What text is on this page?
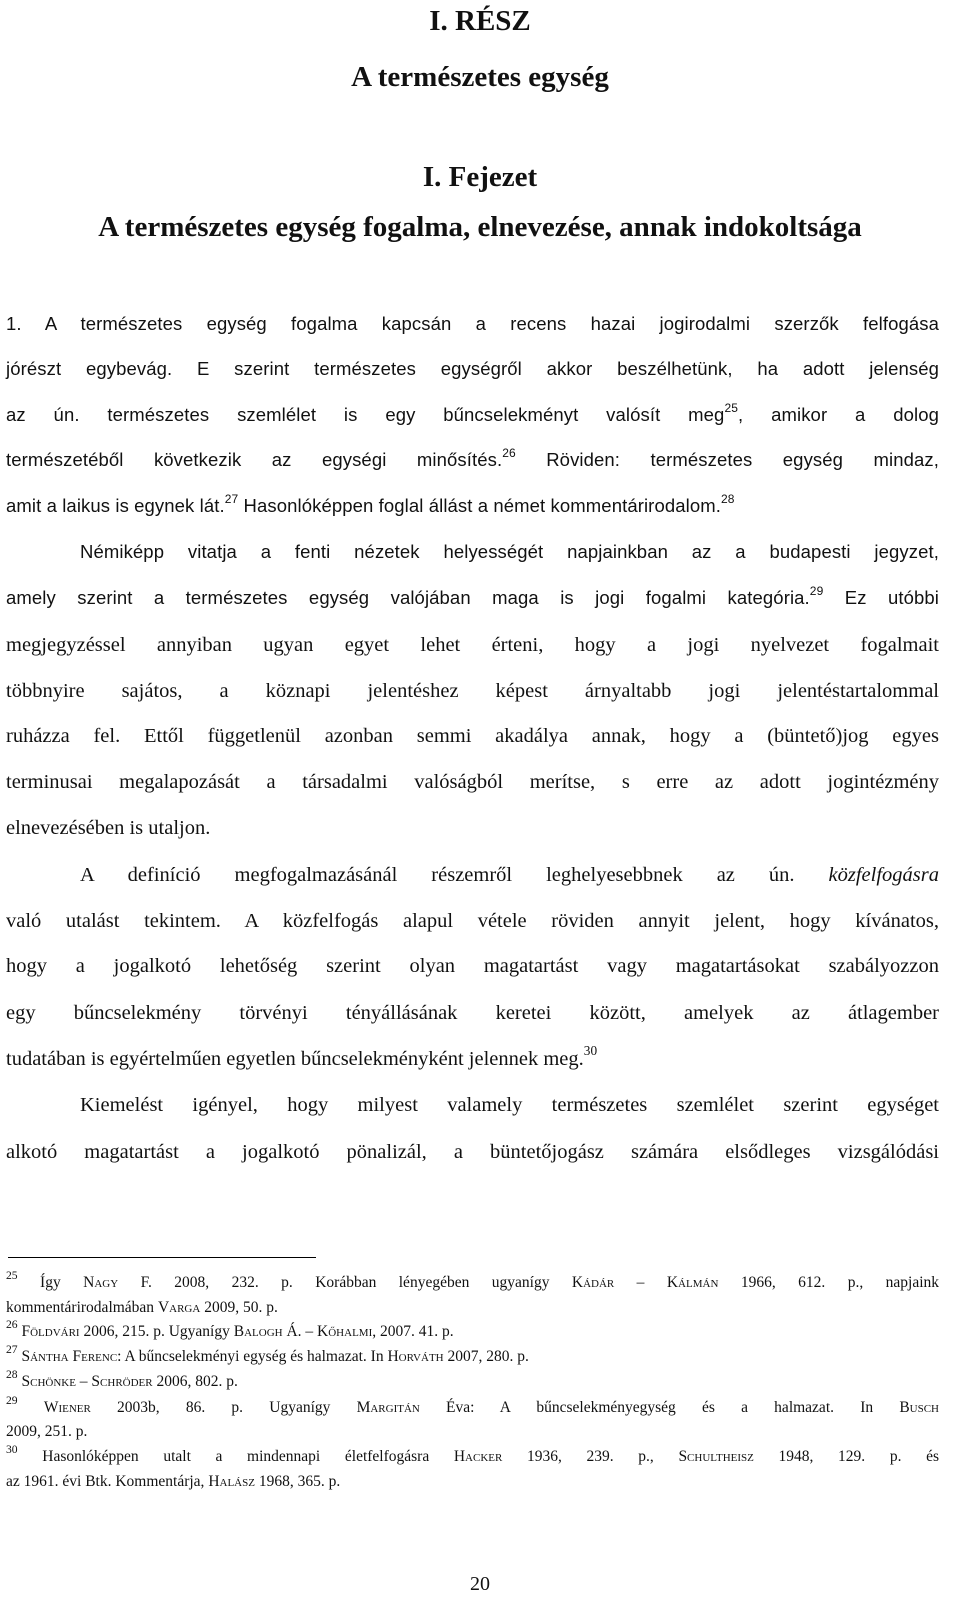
I. RÉSZ
A természetes egység
I. Fejezet
A természetes egység fogalma, elnevezése, annak indokoltsága
1. A természetes egység fogalma kapcsán a recens hazai jogirodalmi szerzők felfogása
jórészt egybevág. E szerint természetes egységről akkor beszélhetünk, ha adott jelenség
az ún. természetes szemlélet is egy bűncselekményt valósít meg$^{25}$, amikor a dolog
természetéből következik az egységi minősítés.$^{26}$ Röviden: természetes egység mindaz,
amit a laikus is egynek lát.$^{27}$ Hasonlóképpen foglal állást a német kommentárirodalom.$^{28}$
Némiképp vitatja a fenti nézetek helyességét napjainkban az a budapesti jegyzet,
amely szerint a természetes egység valójában maga is jogi fogalmi kategória.$^{29}$ Ez utóbbi
megjegyzéssel annyiban ugyan egyet lehet érteni, hogy a jogi nyelvezet fogalmait
többnyire sajátos, a köznapi jelentéshez képest árnyaltabb jogi jelentéstartalommal
ruházza fel. Ettől függetlenül azonban semmi akadálya annak, hogy a (büntető)jog egyes
terminusai megalapozását a társadalmi valóságból merítse, s erre az adott jogintézmény
elnevezésében is utaljon.
A definíció megfogalmazásánál részemről leghelyesebbnek az ún. közfelfogásra
való utalást tekintem. A közfelfogás alapul vétele röviden annyit jelent, hogy kívánatos,
hogy a jogalkotó lehetőség szerint olyan magatartást vagy magatartásokat szabályozzon
egy bűncselekmény törvényi tényállásának keretei között, amelyek az átlagember
tudatában is egyértelműen egyetlen bűncselekményként jelennek meg.$^{30}$
Kiemelést igényel, hogy milyest valamely természetes szemlélet szerint egységet
alkotó magatartást a jogalkotó pönalizál, a büntetőjogász számára elsődleges vizsgálódási
$^{25}$ Így Nagy F. 2008, 232. p. Korábban lényegében ugyanígy Kádár – Kálmán 1966, 612. p., napjaink
kommentárirodalmában Varga 2009, 50. p.
$^{26}$ Földvári 2006, 215. p. Ugyanígy Balogh Á. – Kőhalmi, 2007. 41. p.
$^{27}$ Sántha Ferenc: A bűncselekményi egység és halmazat. In Horváth 2007, 280. p.
$^{28}$ Schönke – Schröder 2006, 802. p.
$^{29}$ Wiener 2003b, 86. p. Ugyanígy Margitán Éva: A bűncselekményegység és a halmazat. In Busch
2009, 251. p.
$^{30}$ Hasonlóképpen utalt a mindennapi életfelfogásra Hacker 1936, 239. p., Schultheisz 1948, 129. p. és
az 1961. évi Btk. Kommentárja, Halász 1968, 365. p.
20
